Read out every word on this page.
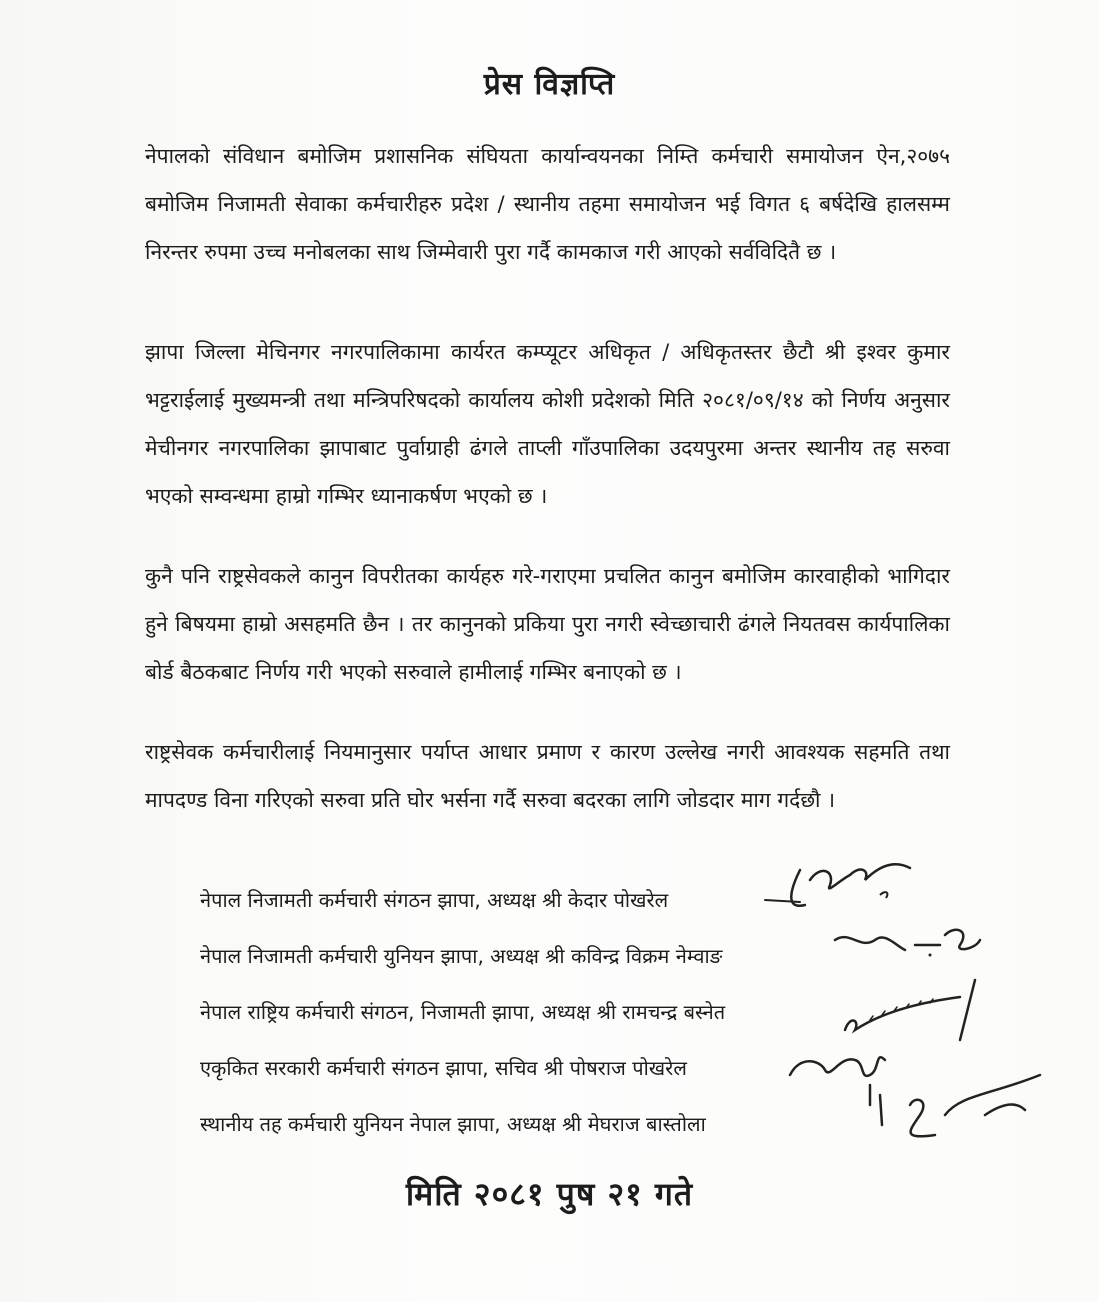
प्रेस विज्ञप्ति

नेपालको संविधान बमोजिम प्रशासनिक संघियता कार्यान्वयनका निम्ति कर्मचारी समायोजन ऐन,२०७५ बमोजिम निजामती सेवाका कर्मचारीहरु प्रदेश / स्थानीय तहमा समायोजन भई विगत ६ बर्षदेखि हालसम्म निरन्तर रुपमा उच्च मनोबलका साथ जिम्मेवारी पुरा गर्दै कामकाज गरी आएको सर्वविदितै छ ।

झापा जिल्ला मेचिनगर नगरपालिकामा कार्यरत कम्प्यूटर अधिकृत / अधिकृतस्तर छैटौ श्री इश्वर कुमार भट्टराईलाई मुख्यमन्त्री तथा मन्त्रिपरिषदको कार्यालय कोशी प्रदेशको मिति २०८१/०९/१४ को निर्णय अनुसार मेचीनगर नगरपालिका झापाबाट पुर्वाग्राही ढंगले ताप्ली गाँउपालिका उदयपुरमा अन्तर स्थानीय तह सरुवा भएको सम्वन्धमा हाम्रो गम्भिर ध्यानाकर्षण भएको छ ।

कुनै पनि राष्ट्रसेवकले कानुन विपरीतका कार्यहरु गरे-गराएमा प्रचलित कानुन बमोजिम कारवाहीको भागिदार हुने बिषयमा हाम्रो असहमति छैन । तर कानुनको प्रकिया पुरा नगरी स्वेच्छाचारी ढंगले नियतवस कार्यपालिका बोर्ड बैठकबाट निर्णय गरी भएको सरुवाले हामीलाई गम्भिर बनाएको छ ।

राष्ट्रसेवक कर्मचारीलाई नियमानुसार पर्याप्त आधार प्रमाण र कारण उल्लेख नगरी आवश्यक सहमति तथा मापदण्ड विना गरिएको सरुवा प्रति घोर भर्सना गर्दै सरुवा बदरका लागि जोडदार माग गर्दछौ ।

नेपाल निजामती कर्मचारी संगठन झापा, अध्यक्ष श्री केदार पोखरेल
नेपाल निजामती कर्मचारी युनियन झापा, अध्यक्ष श्री कविन्द्र विक्रम नेम्वाङ
नेपाल राष्ट्रिय कर्मचारी संगठन, निजामती झापा, अध्यक्ष श्री रामचन्द्र बस्नेत
एकृकित सरकारी कर्मचारी संगठन झापा, सचिव श्री पोषराज पोखरेल
स्थानीय तह कर्मचारी युनियन नेपाल झापा, अध्यक्ष श्री मेघराज बास्तोला
मिति २०८१ पुष २१ गते
